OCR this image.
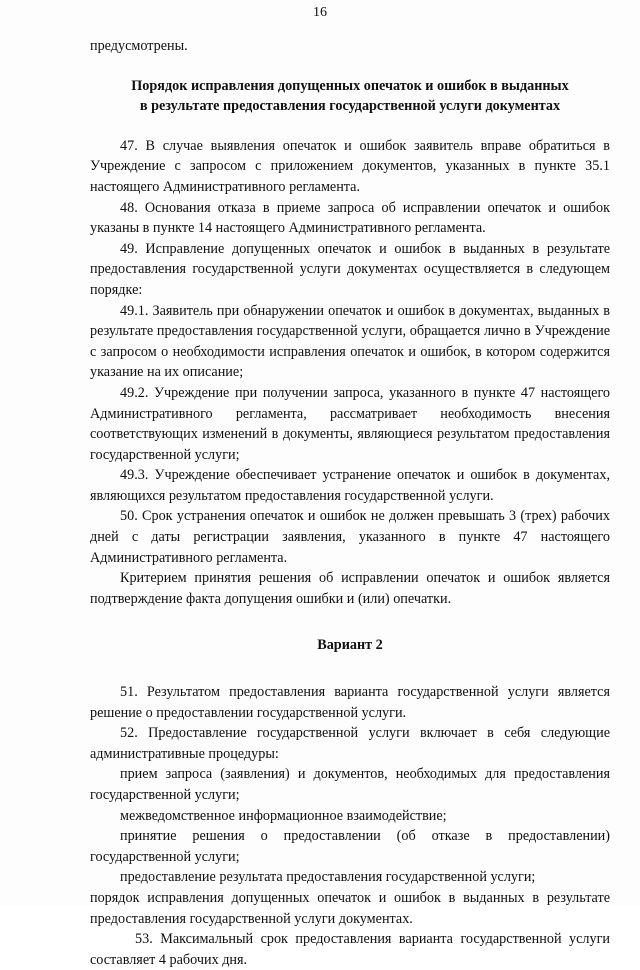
16

предусмотрены.

Порядок исправления допущенных опечаток и ошибок в выданных

в результате предоставления государственной услуги документах

47. В случае выявления опечаток и ошибок заявитель вправе обратиться в Учреждение с запросом с приложением документов, указанных в пункте 35.1 настоящего Административного регламента.

48. Основания отказа в приеме запроса об исправлении опечаток и ошибок указаны в пункте 14 настоящего Административного регламента.

49. Исправление допущенных опечаток и ошибок в выданных в результате предоставления государственной услуги документах осуществляется в следующем порядке:

49.1. Заявитель при обнаружении опечаток и ошибок в документах, выданных в результате предоставления государственной услуги, обращается лично в Учреждение с запросом о необходимости исправления опечаток и ошибок, в котором содержится указание на их описание;

49.2. Учреждение при получении запроса, указанного в пункте 47 настоящего Административного регламента, рассматривает необходимость внесения соответствующих изменений в документы, являющиеся результатом предоставления государственной услуги;

49.3. Учреждение обеспечивает устранение опечаток и ошибок в документах, являющихся результатом предоставления государственной услуги.

50. Срок устранения опечаток и ошибок не должен превышать 3 (трех) рабочих дней с даты регистрации заявления, указанного в пункте 47 настоящего Административного регламента.

Критерием принятия решения об исправлении опечаток и ошибок является подтверждение факта допущения ошибки и (или) опечатки.

Вариант 2

51. Результатом предоставления варианта государственной услуги является решение о предоставлении государственной услуги.

52. Предоставление государственной услуги включает в себя следующие административные процедуры:

прием запроса (заявления) и документов, необходимых для предоставления государственной услуги;

межведомственное информационное взаимодействие;

принятие решения о предоставлении (об отказе в предоставлении) государственной услуги;

предоставление результата предоставления государственной услуги;

порядок исправления допущенных опечаток и ошибок в выданных в результате предоставления государственной услуги документах.

53. Максимальный срок предоставления варианта государственной услуги составляет 4 рабочих дня.
